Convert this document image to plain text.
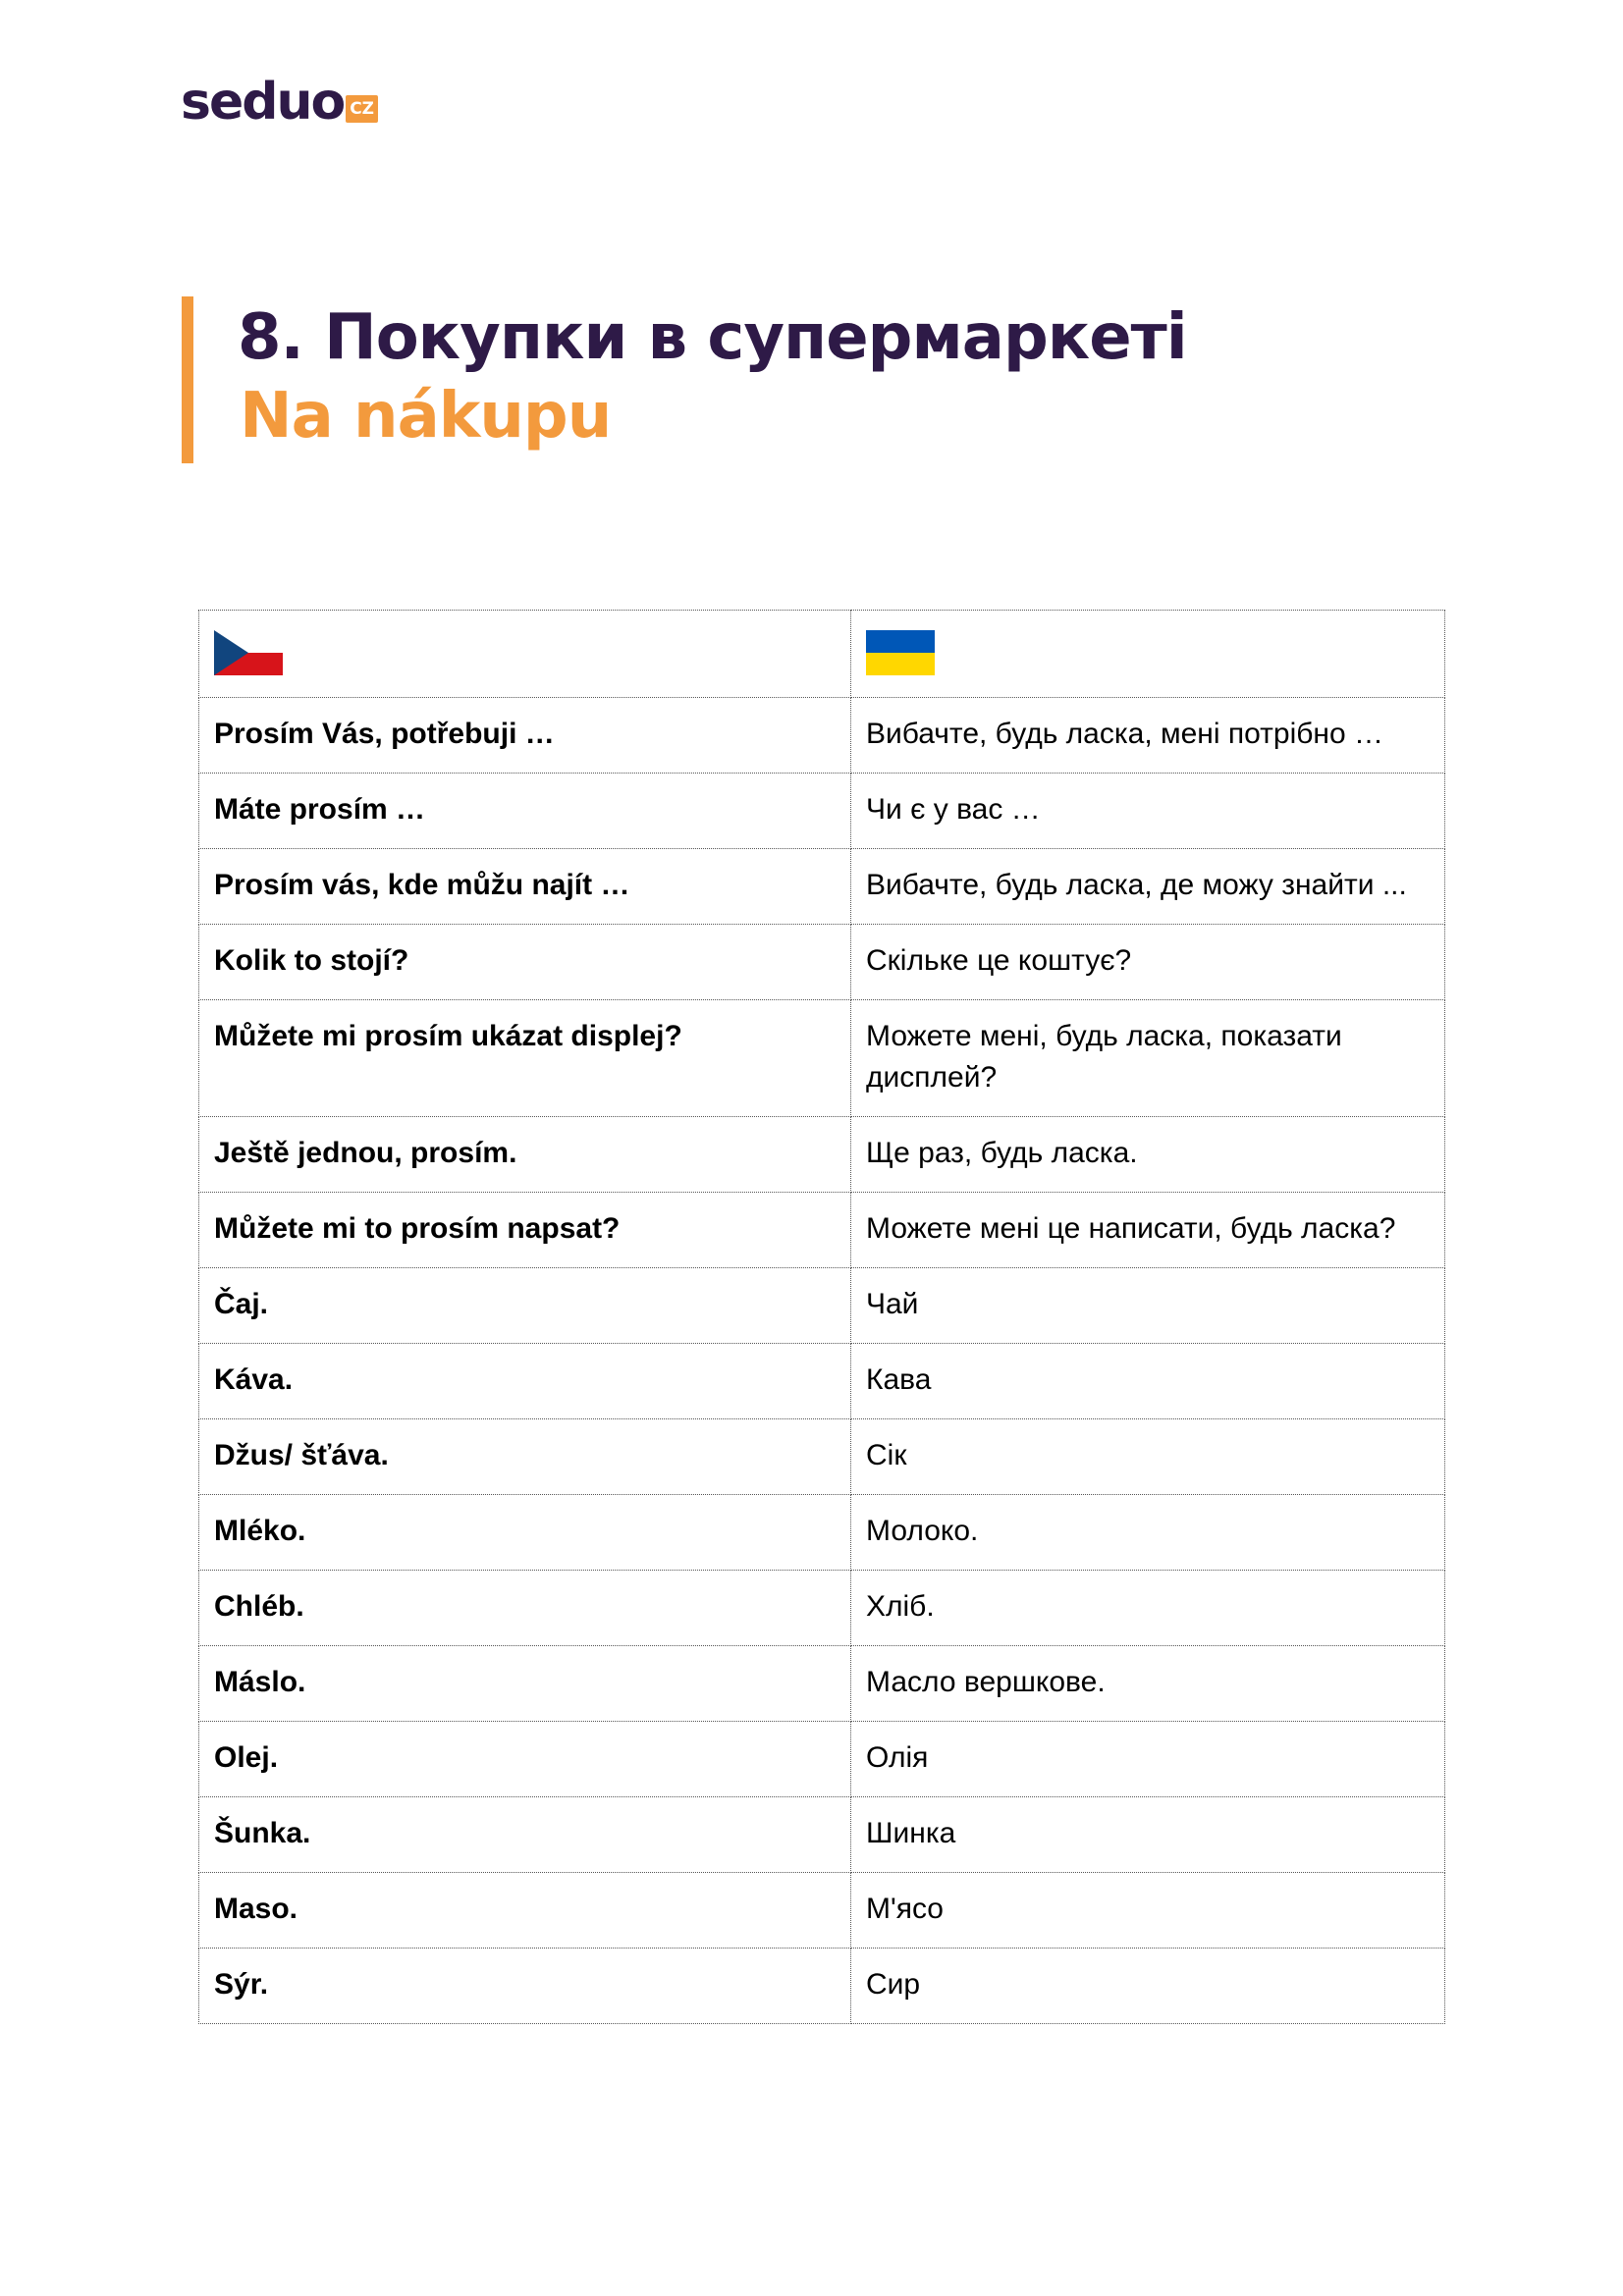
seduo CZ
8. Покупки в супермаркеті
Na nákupu

Prosím Vás, potřebuji …	Вибачте, будь ласка, мені потрібно …
Máte prosím …	Чи є у вас …
Prosím vás, kde můžu najít …	Вибачте, будь ласка, де можу знайти ...
Kolik to stojí?	Скільке це коштує?
Můžete mi prosím ukázat displej?	Можете мені, будь ласка, показати дисплей?
Ještě jednou, prosím.	Ще раз, будь ласка.
Můžete mi to prosím napsat?	Можете мені це написати, будь ласка?
Čaj.	Чай
Káva.	Кава
Džus/ šťáva.	Сік
Mléko.	Молоко.
Chléb.	Хліб.
Máslo.	Масло вершкове.
Olej.	Олія
Šunka.	Шинка
Maso.	М'ясо
Sýr.	Сир
